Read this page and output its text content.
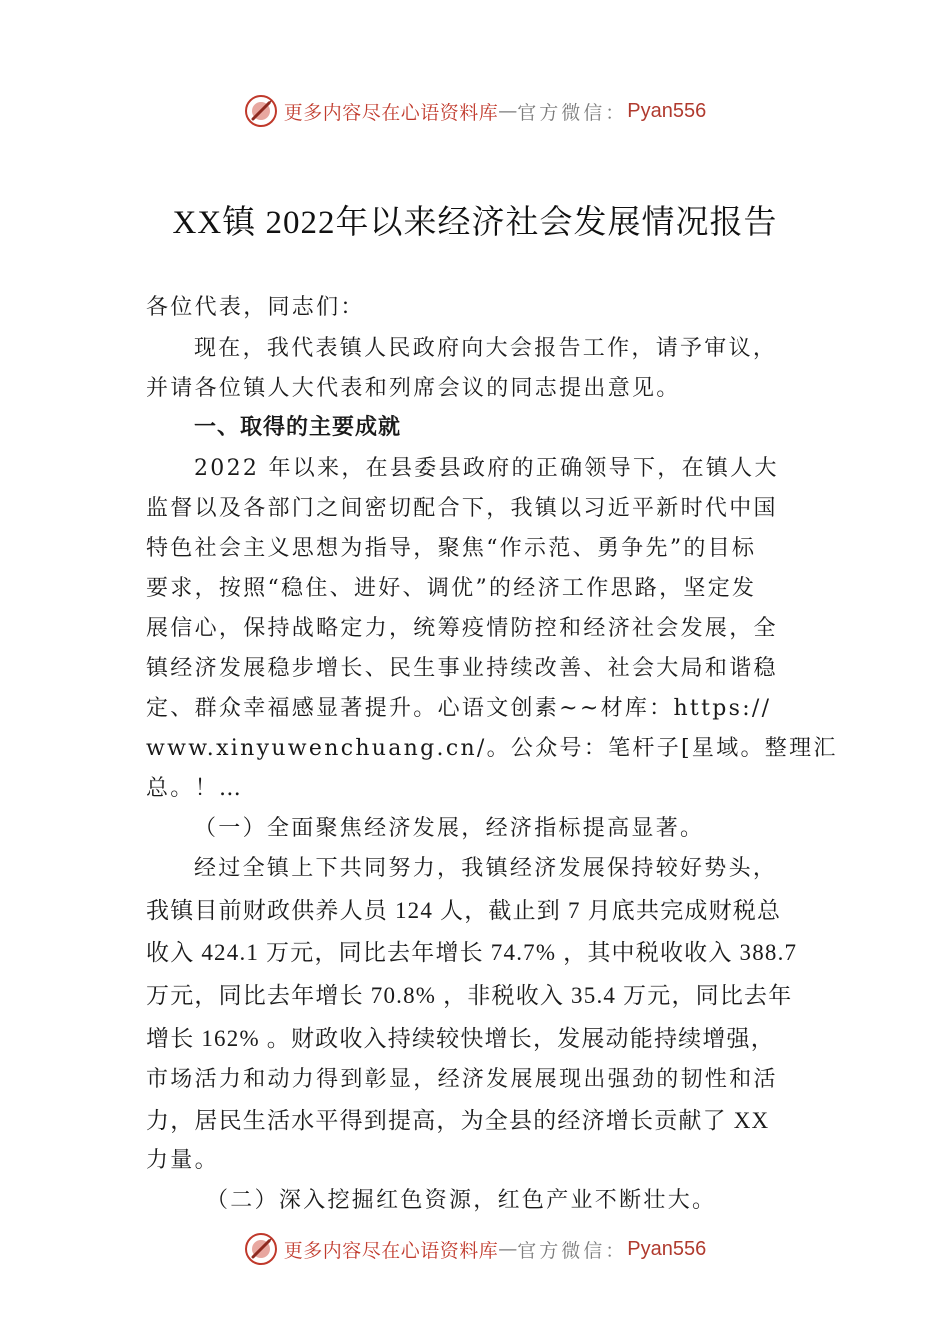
更多内容尽在心语资料库 — 官方微信： Pyan556
XX镇 2022年以来经济社会发展情况报告
各位代表，同志们：
现在，我代表镇人民政府向大会报告工作，请予审议，
并请各位镇人大代表和列席会议的同志提出意见。
一、取得的主要成就
2022 年以来，在县委县政府的正确领导下，在镇人大
监督以及各部门之间密切配合下，我镇以习近平新时代中国
特色社会主义思想为指导，聚焦“作示范、勇争先”的目标
要求，按照“稳住、进好、调优”的经济工作思路，坚定发
展信心，保持战略定力，统筹疫情防控和经济社会发展，全
镇经济发展稳步增长、民生事业持续改善、社会大局和谐稳
定、群众幸福感显著提升。心语文创素~~材库：https://
www.xinyuwenchuang.cn/。公众号：笔杆子[星域。整理汇
总。！…
（一）全面聚焦经济发展，经济指标提高显著。
经过全镇上下共同努力，我镇经济发展保持较好势头，
我镇目前财政供养人员 124 人，截止到 7 月底共完成财税总
收入 424.1 万元，同比去年增长 74.7% ，其中税收收入 388.7
万元，同比去年增长 70.8% ，非税收入 35.4 万元，同比去年
增长 162% 。财政收入持续较快增长，发展动能持续增强，
市场活力和动力得到彰显，经济发展展现出强劲的韧性和活
力，居民生活水平得到提高，为全县的经济增长贡献了 XX
力量。
（二）深入挖掘红色资源，红色产业不断壮大。
更多内容尽在心语资料库 — 官方微信： Pyan556
